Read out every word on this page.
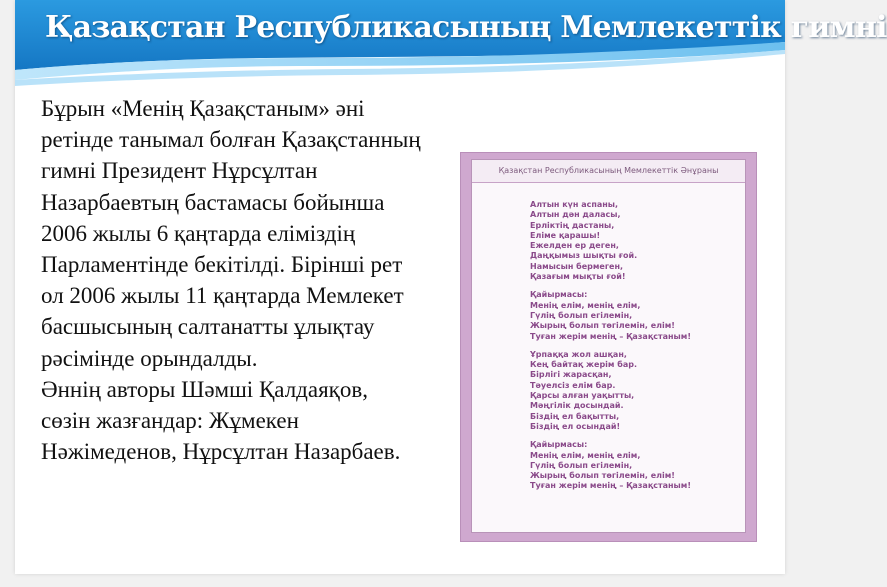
Қазақстан Республикасының Мемлекеттік гимні

Бұрын «Менің Қазақстаным» әні ретінде танымал болған Қазақстанның гимні Президент Нұрсұлтан Назарбаевтың бастамасы бойынша 2006 жылы 6 қаңтарда еліміздің Парламентінде бекітілді. Бірінші рет ол 2006 жылы 11 қаңтарда Мемлекет басшысының салтанатты ұлықтау рәсімінде орындалды.

Әннің авторы Шәмші Қалдаяқов, сөзін жазғандар: Жұмекен Нәжімеденов, Нұрсұлтан Назарбаев.

Қазақстан Республикасының Мемлекеттік Әнұраны
Алтын күн аспаны,
Алтын дән даласы,
Ерліктің дастаны,
Еліме қарашы!
Ежелден ер деген,
Даңқымыз шықты ғой.
Намысын бермеген,
Қазағым мықты ғой!
Қайырмасы:
Менің елім, менің елім,
Гүлің болып егілемін,
Жырың болып төгілемін, елім!
Туған жерім менің – Қазақстаным!
Ұрпаққа жол ашқан,
Кең байтақ жерім бар.
Бірлігі жарасқан,
Тәуелсіз елім бар.
Қарсы алған уақытты,
Мәңгілік досындай.
Біздің ел бақытты,
Біздің ел осындай!
Қайырмасы:
Менің елім, менің елім,
Гүлің болып егілемін,
Жырың болып төгілемін, елім!
Туған жерім менің – Қазақстаным!
